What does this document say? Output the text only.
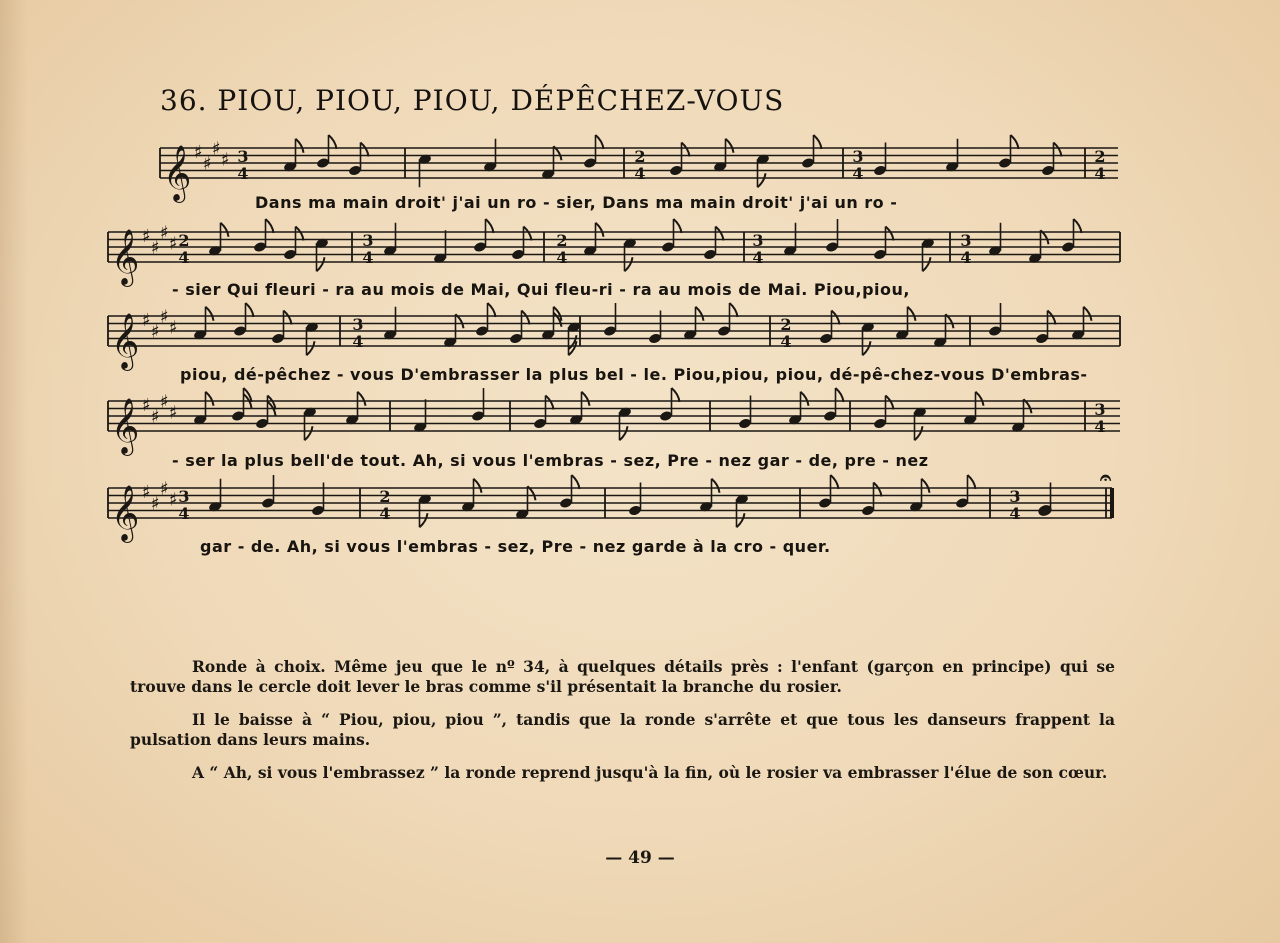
36. PIOU, PIOU, PIOU, DÉPÊCHEZ-VOUS
𝄞 ♯
♯
♯
♯ 3
4
2
4
3
4
2
4
Dans ma main droit' j'ai un ro - sier, Dans ma main droit' j'ai un ro -
𝄞 ♯
♯
♯
♯ 2
4
3
4
2
4
3
4
3
4
- sier Qui fleuri - ra au mois de Mai, Qui fleu-ri - ra au mois de Mai. Piou,piou,
𝄞 ♯
♯
♯
♯	3
4
2
4
piou, dé-pêchez - vous D'embrasser la plus bel - le. Piou,piou, piou, dé-pê-chez-vous D'embras-
𝄞 ♯
♯
♯
♯	3
4
- ser la plus bell'de tout. Ah, si vous l'embras - sez, Pre - nez gar - de, pre - nez
𝄞 ♯
♯
♯
♯
𝄐
3
4
2
4
3
4
gar - de. Ah, si vous l'embras - sez, Pre - nez garde à la cro - quer.

Ronde à choix. Même jeu que le nº 34, à quelques détails près : l'enfant (garçon en principe) qui se trouve dans le cercle doit lever le bras comme s'il présentait la branche du rosier.

Il le baisse à “ Piou, piou, piou ”, tandis que la ronde s'arrête et que tous les danseurs frappent la pulsation dans leurs mains.

A “ Ah, si vous l'embrassez ” la ronde reprend jusqu'à la fin, où le rosier va embrasser l'élue de son cœur.

— 49 —
